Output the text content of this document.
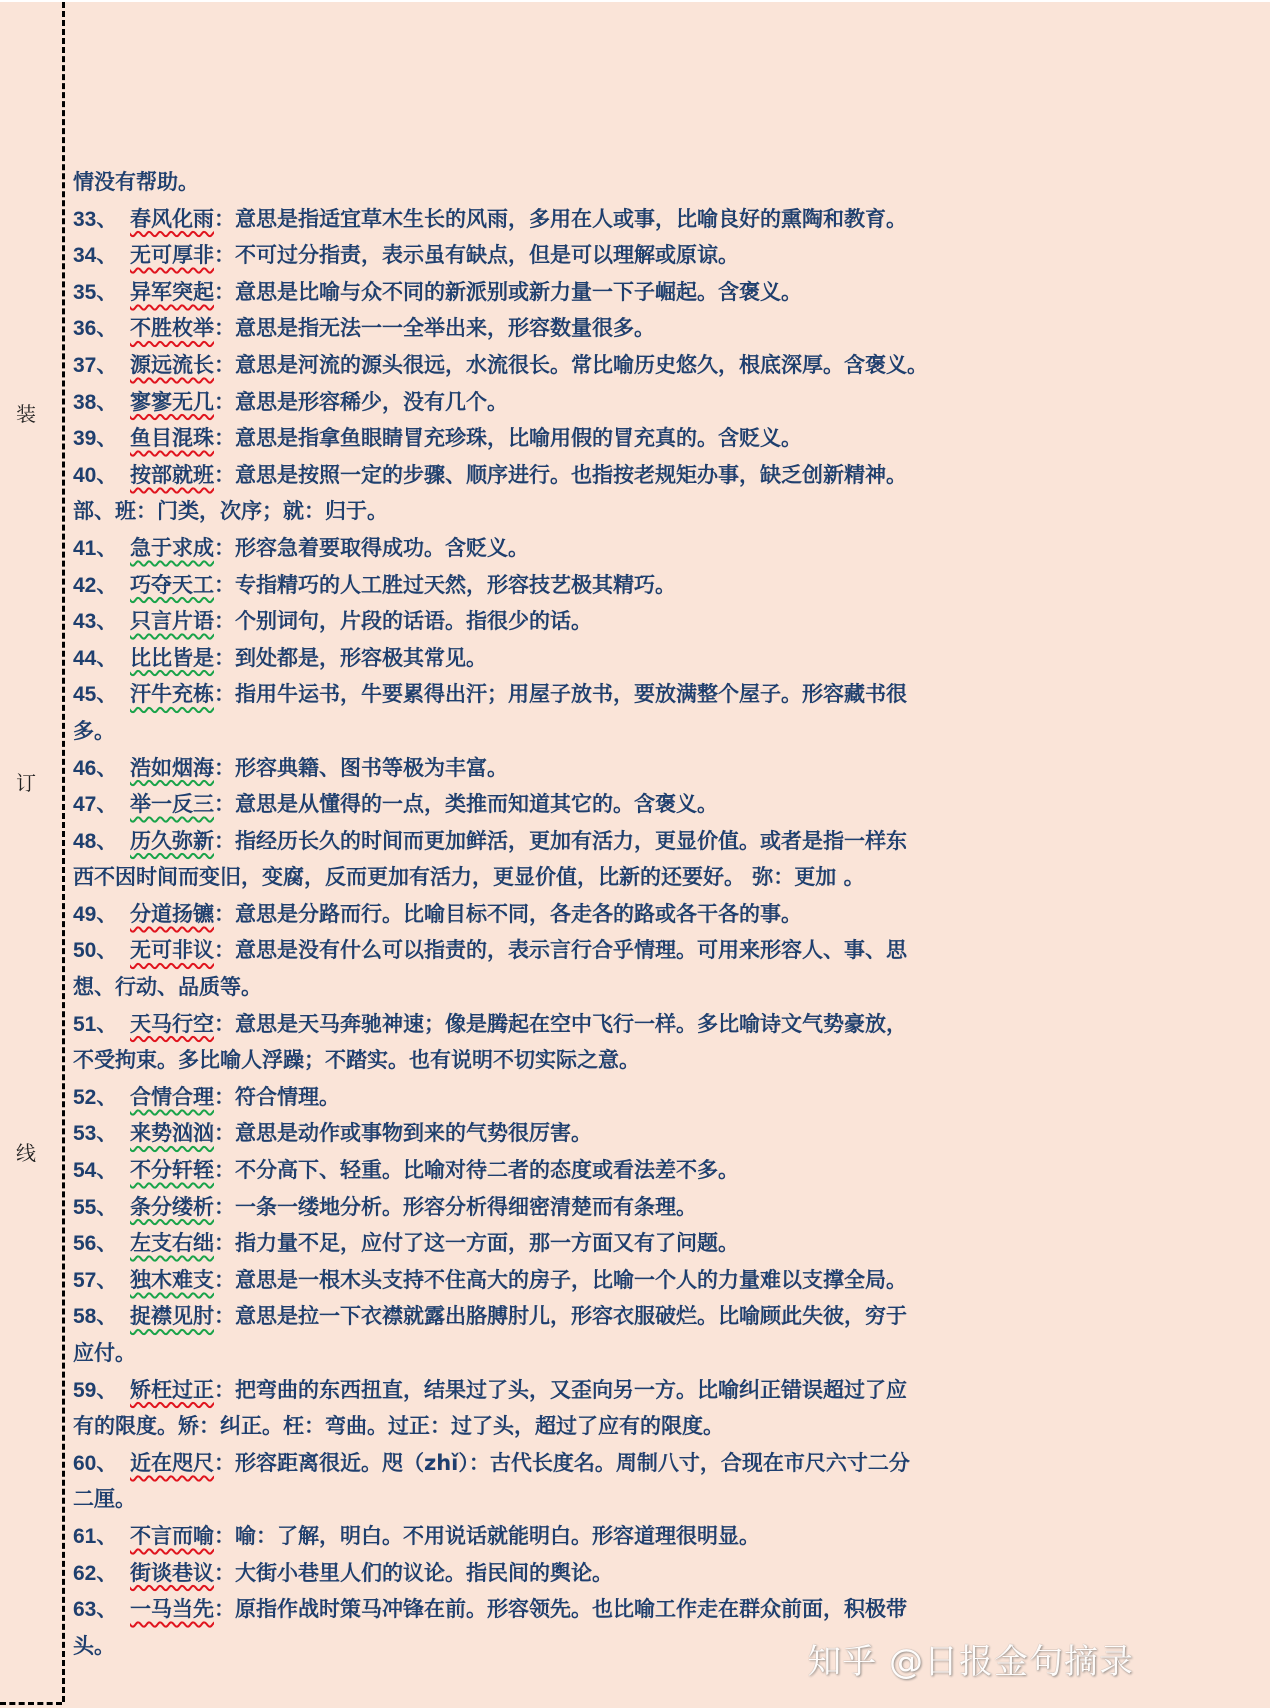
装
订
线
情没有帮助。
33、 春风化雨：意思是指适宜草木生长的风雨，多用在人或事，比喻良好的熏陶和教育。
34、 无可厚非：不可过分指责，表示虽有缺点，但是可以理解或原谅。
35、 异军突起：意思是比喻与众不同的新派别或新力量一下子崛起。含褒义。
36、 不胜枚举：意思是指无法一一全举出来，形容数量很多。
37、 源远流长：意思是河流的源头很远，水流很长。常比喻历史悠久，根底深厚。含褒义。
38、 寥寥无几：意思是形容稀少，没有几个。
39、 鱼目混珠：意思是指拿鱼眼睛冒充珍珠，比喻用假的冒充真的。含贬义。
40、 按部就班：意思是按照一定的步骤、顺序进行。也指按老规矩办事，缺乏创新精神。
部、班：门类，次序；就：归于。
41、 急于求成：形容急着要取得成功。含贬义。
42、 巧夺天工：专指精巧的人工胜过天然，形容技艺极其精巧。
43、 只言片语：个别词句，片段的话语。指很少的话。
44、 比比皆是：到处都是，形容极其常见。
45、 汗牛充栋：指用牛运书，牛要累得出汗；用屋子放书，要放满整个屋子。形容藏书很
多。
46、 浩如烟海：形容典籍、图书等极为丰富。
47、 举一反三：意思是从懂得的一点，类推而知道其它的。含褒义。
48、 历久弥新：指经历长久的时间而更加鲜活，更加有活力，更显价值。或者是指一样东
西不因时间而变旧，变腐，反而更加有活力，更显价值，比新的还要好。 弥：更加 。
49、 分道扬镳：意思是分路而行。比喻目标不同，各走各的路或各干各的事。
50、 无可非议：意思是没有什么可以指责的，表示言行合乎情理。可用来形容人、事、思
想、行动、品质等。
51、 天马行空：意思是天马奔驰神速；像是腾起在空中飞行一样。多比喻诗文气势豪放，
不受拘束。多比喻人浮躁；不踏实。也有说明不切实际之意。
52、 合情合理：符合情理。
53、 来势汹汹：意思是动作或事物到来的气势很厉害。
54、 不分轩轾：不分高下、轻重。比喻对待二者的态度或看法差不多。
55、 条分缕析：一条一缕地分析。形容分析得细密清楚而有条理。
56、 左支右绌：指力量不足，应付了这一方面，那一方面又有了问题。
57、 独木难支：意思是一根木头支持不住高大的房子，比喻一个人的力量难以支撑全局。
58、 捉襟见肘：意思是拉一下衣襟就露出胳膊肘儿，形容衣服破烂。比喻顾此失彼，穷于
应付。
59、 矫枉过正：把弯曲的东西扭直，结果过了头，又歪向另一方。比喻纠正错误超过了应
有的限度。矫：纠正。枉：弯曲。过正：过了头，超过了应有的限度。
60、 近在咫尺：形容距离很近。咫（zhǐ）：古代长度名。周制八寸，合现在市尺六寸二分
二厘。
61、 不言而喻：喻：了解，明白。不用说话就能明白。形容道理很明显。
62、 街谈巷议：大街小巷里人们的议论。指民间的舆论。
63、 一马当先：原指作战时策马冲锋在前。形容领先。也比喻工作走在群众前面，积极带
头。	知乎 @日报金句摘录
